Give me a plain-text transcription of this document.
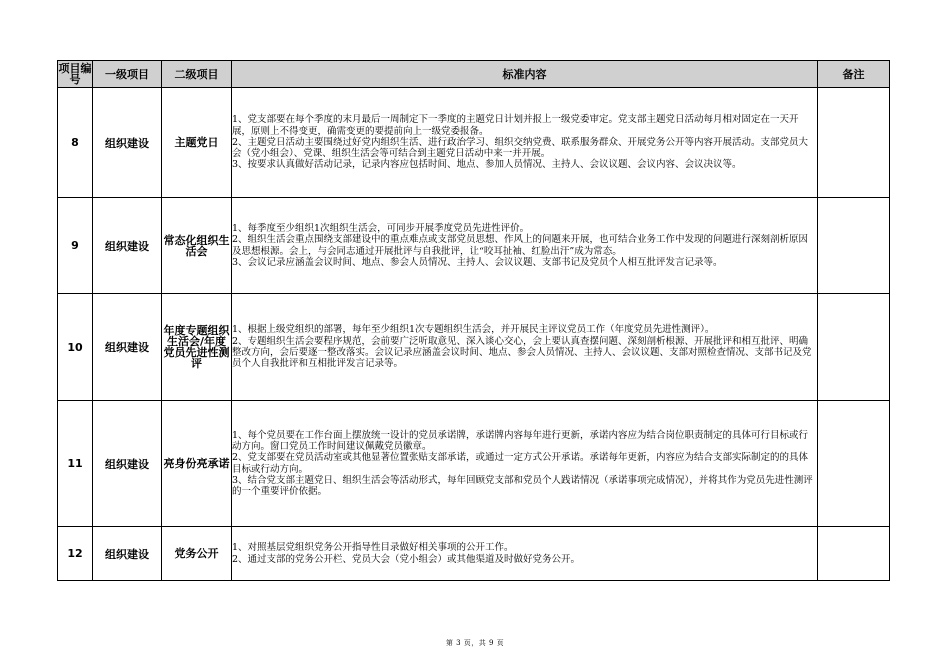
项目编号	一级项目	二级项目	标准内容	备注
8	组织建设	主题党日	1、党支部要在每个季度的末月最后一周制定下一季度的主题党日计划并报上一级党委审定。党支部主题党日活动每月相对固定在一天开展，原则上不得变更，确需变更的要提前向上一级党委报备。
2、主题党日活动主要围绕过好党内组织生活、进行政治学习、组织交纳党费、联系服务群众、开展党务公开等内容开展活动。支部党员大会（党小组会）、党课、组织生活会等可结合到主题党日活动中来一并开展。
3、按要求认真做好活动记录，记录内容应包括时间、地点、参加人员情况、主持人、会议议题、会议内容、会议决议等。	

9	组织建设	常态化组织生活会	1、每季度至少组织1次组织生活会，可同步开展季度党员先进性评价。
2、组织生活会重点围绕支部建设中的重点难点或支部党员思想、作风上的问题来开展，也可结合业务工作中发现的问题进行深刻剖析原因及思想根源。会上，与会同志通过开展批评与自我批评，让“咬耳扯袖、红脸出汗”成为常态。
3、会议记录应涵盖会议时间、地点、参会人员情况、主持人、会议议题、支部书记及党员个人相互批评发言记录等。	

10	组织建设	年度专题组织生活会/年度党员先进性测评	1、根据上级党组织的部署，每年至少组织1次专题组织生活会，并开展民主评议党员工作（年度党员先进性测评）。
2、专题组织生活会要程序规范，会前要广泛听取意见、深入谈心交心，会上要认真查摆问题、深刻剖析根源、开展批评和相互批评、明确整改方向，会后要逐一整改落实。会议记录应涵盖会议时间、地点、参会人员情况、主持人、会议议题、支部对照检查情况、支部书记及党员个人自我批评和互相批评发言记录等。	

11	组织建设	亮身份亮承诺	1、每个党员要在工作台面上摆放统一设计的党员承诺牌，承诺牌内容每年进行更新，承诺内容应为结合岗位职责制定的具体可行目标或行动方向。窗口党员工作时间建议佩戴党员徽章。
2、党支部要在党员活动室或其他显著位置张贴支部承诺，或通过一定方式公开承诺。承诺每年更新，内容应为结合支部实际制定的的具体目标或行动方向。
3、结合党支部主题党日、组织生活会等活动形式，每年回顾党支部和党员个人践诺情况（承诺事项完成情况），并将其作为党员先进性测评的一个重要评价依据。	

12	组织建设	党务公开	1、对照基层党组织党务公开指导性目录做好相关事项的公开工作。
2、通过支部的党务公开栏、党员大会（党小组会）或其他渠道及时做好党务公开。	

第 3 页，共 9 页
